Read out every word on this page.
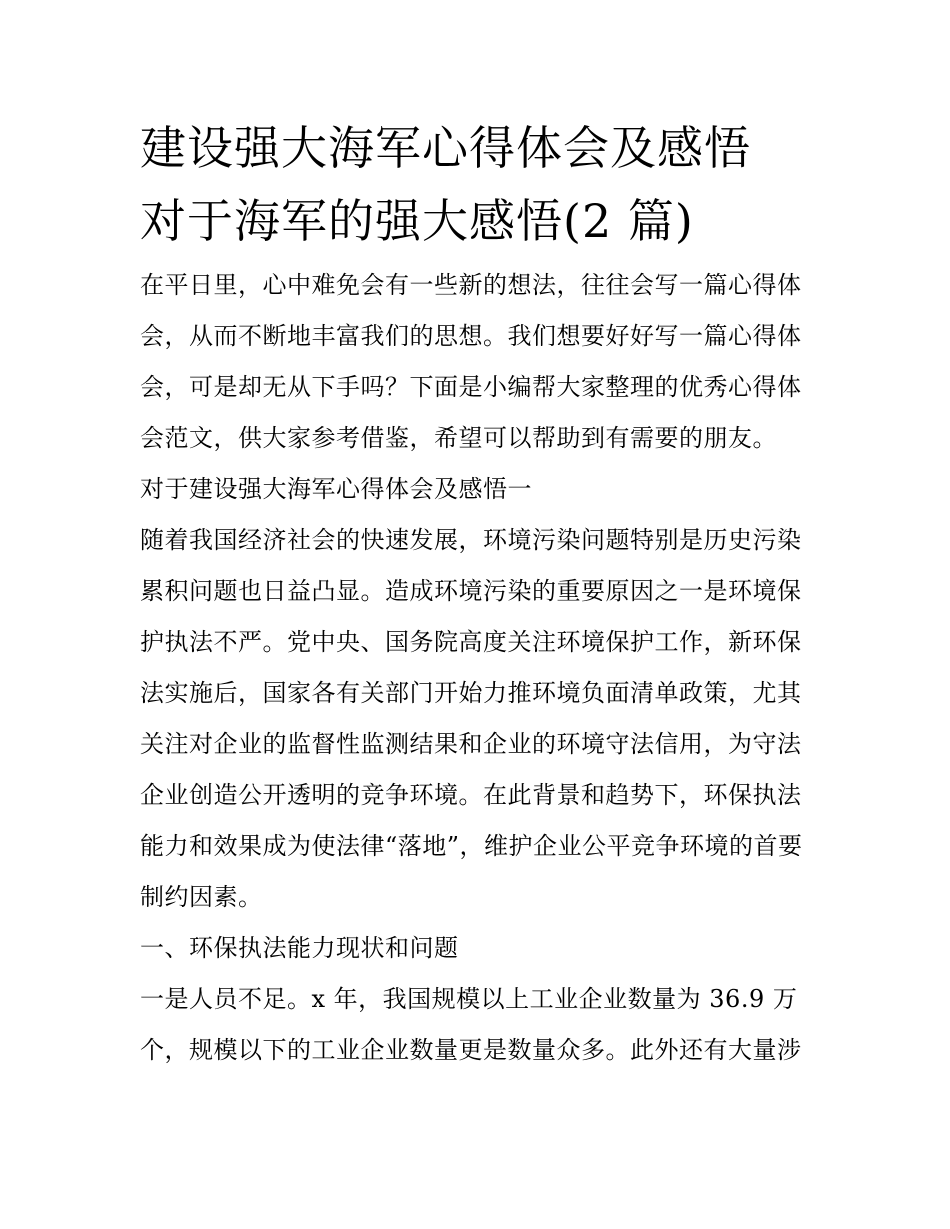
建设强大海军心得体会及感悟
对于海军的强大感悟(2 篇)
在平日里，心中难免会有一些新的想法，往往会写一篇心得体
会，从而不断地丰富我们的思想。我们想要好好写一篇心得体
会，可是却无从下手吗？下面是小编帮大家整理的优秀心得体
会范文，供大家参考借鉴，希望可以帮助到有需要的朋友。
对于建设强大海军心得体会及感悟一
随着我国经济社会的快速发展，环境污染问题特别是历史污染
累积问题也日益凸显。造成环境污染的重要原因之一是环境保
护执法不严。党中央、国务院高度关注环境保护工作，新环保
法实施后，国家各有关部门开始力推环境负面清单政策，尤其
关注对企业的监督性监测结果和企业的环境守法信用，为守法
企业创造公开透明的竞争环境。在此背景和趋势下，环保执法
能力和效果成为使法律“落地”，维护企业公平竞争环境的首要
制约因素。
一、环保执法能力现状和问题
一是人员不足。x 年，我国规模以上工业企业数量为 36.9 万
个，规模以下的工业企业数量更是数量众多。此外还有大量涉
